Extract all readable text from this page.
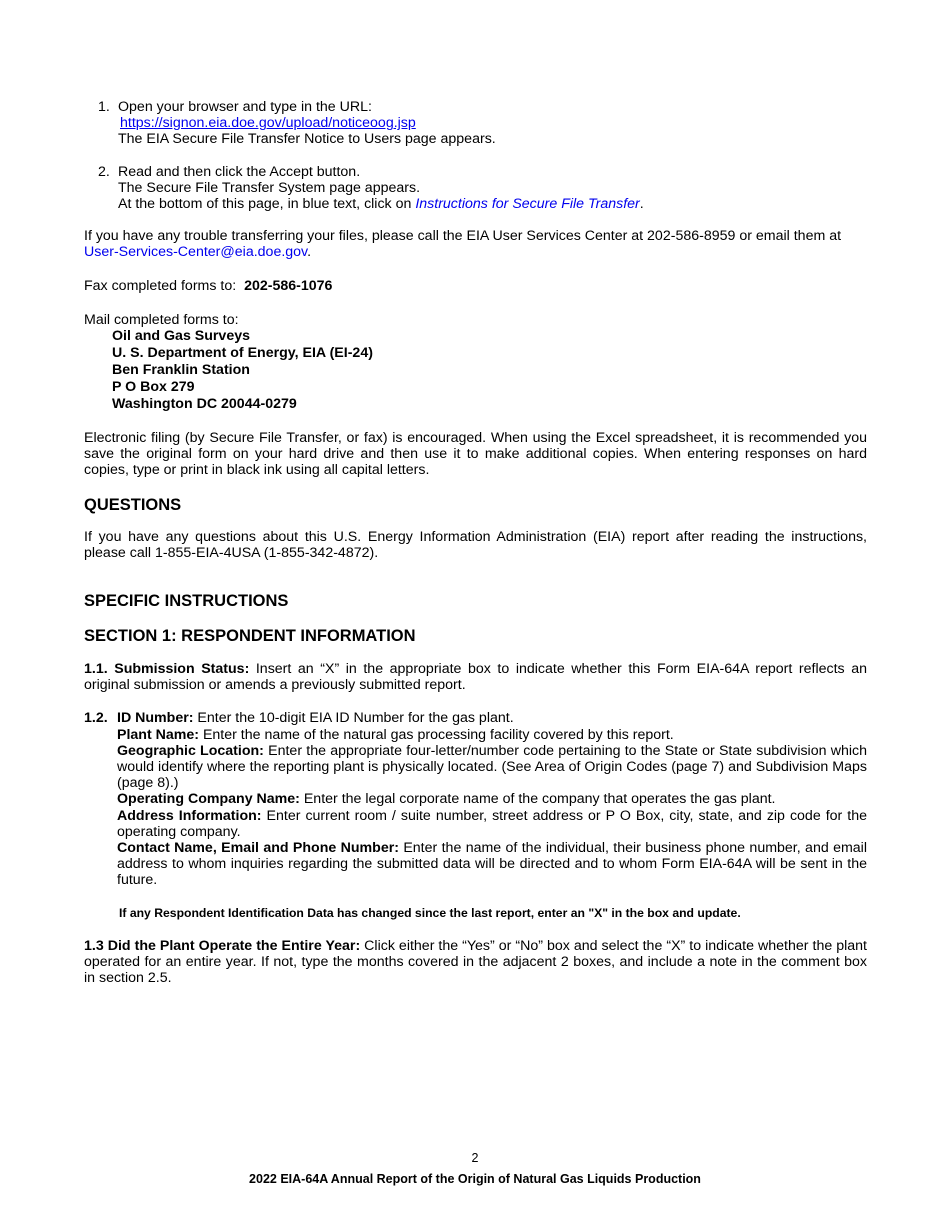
1. Open your browser and type in the URL:

https://signon.eia.doe.gov/upload/noticeoog.jsp

The EIA Secure File Transfer Notice to Users page appears.

2. Read and then click the Accept button.

The Secure File Transfer System page appears.

At the bottom of this page, in blue text, click on Instructions for Secure File Transfer.

If you have any trouble transferring your files, please call the EIA User Services Center at 202-586-8959 or email them at User-Services-Center@eia.doe.gov.

Fax completed forms to:  202-586-1076

Mail completed forms to:

Oil and Gas Surveys

U. S. Department of Energy, EIA (EI-24)

Ben Franklin Station

P O Box 279

Washington DC 20044-0279

Electronic filing (by Secure File Transfer, or fax) is encouraged. When using the Excel spreadsheet, it is recommended you save the original form on your hard drive and then use it to make additional copies. When entering responses on hard copies, type or print in black ink using all capital letters.

QUESTIONS

If you have any questions about this U.S. Energy Information Administration (EIA) report after reading the instructions, please call 1-855-EIA-4USA (1-855-342-4872).

SPECIFIC INSTRUCTIONS
SECTION 1: RESPONDENT INFORMATION

1.1. Submission Status: Insert an “X” in the appropriate box to indicate whether this Form EIA-64A report reflects an original submission or amends a previously submitted report.

1.2. ID Number: Enter the 10-digit EIA ID Number for the gas plant.

Plant Name: Enter the name of the natural gas processing facility covered by this report.

Geographic Location: Enter the appropriate four-letter/number code pertaining to the State or State subdivision which would identify where the reporting plant is physically located. (See Area of Origin Codes (page 7) and Subdivision Maps (page 8).)

Operating Company Name: Enter the legal corporate name of the company that operates the gas plant.

Address Information: Enter current room / suite number, street address or P O Box, city, state, and zip code for the operating company.

Contact Name, Email and Phone Number: Enter the name of the individual, their business phone number, and email address to whom inquiries regarding the submitted data will be directed and to whom Form EIA-64A will be sent in the future.

If any Respondent Identification Data has changed since the last report, enter an "X" in the box and update.

1.3 Did the Plant Operate the Entire Year: Click either the “Yes” or “No” box and select the “X” to indicate whether the plant operated for an entire year. If not, type the months covered in the adjacent 2 boxes, and include a note in the comment box in section 2.5.

2
2022 EIA-64A Annual Report of the Origin of Natural Gas Liquids Production
